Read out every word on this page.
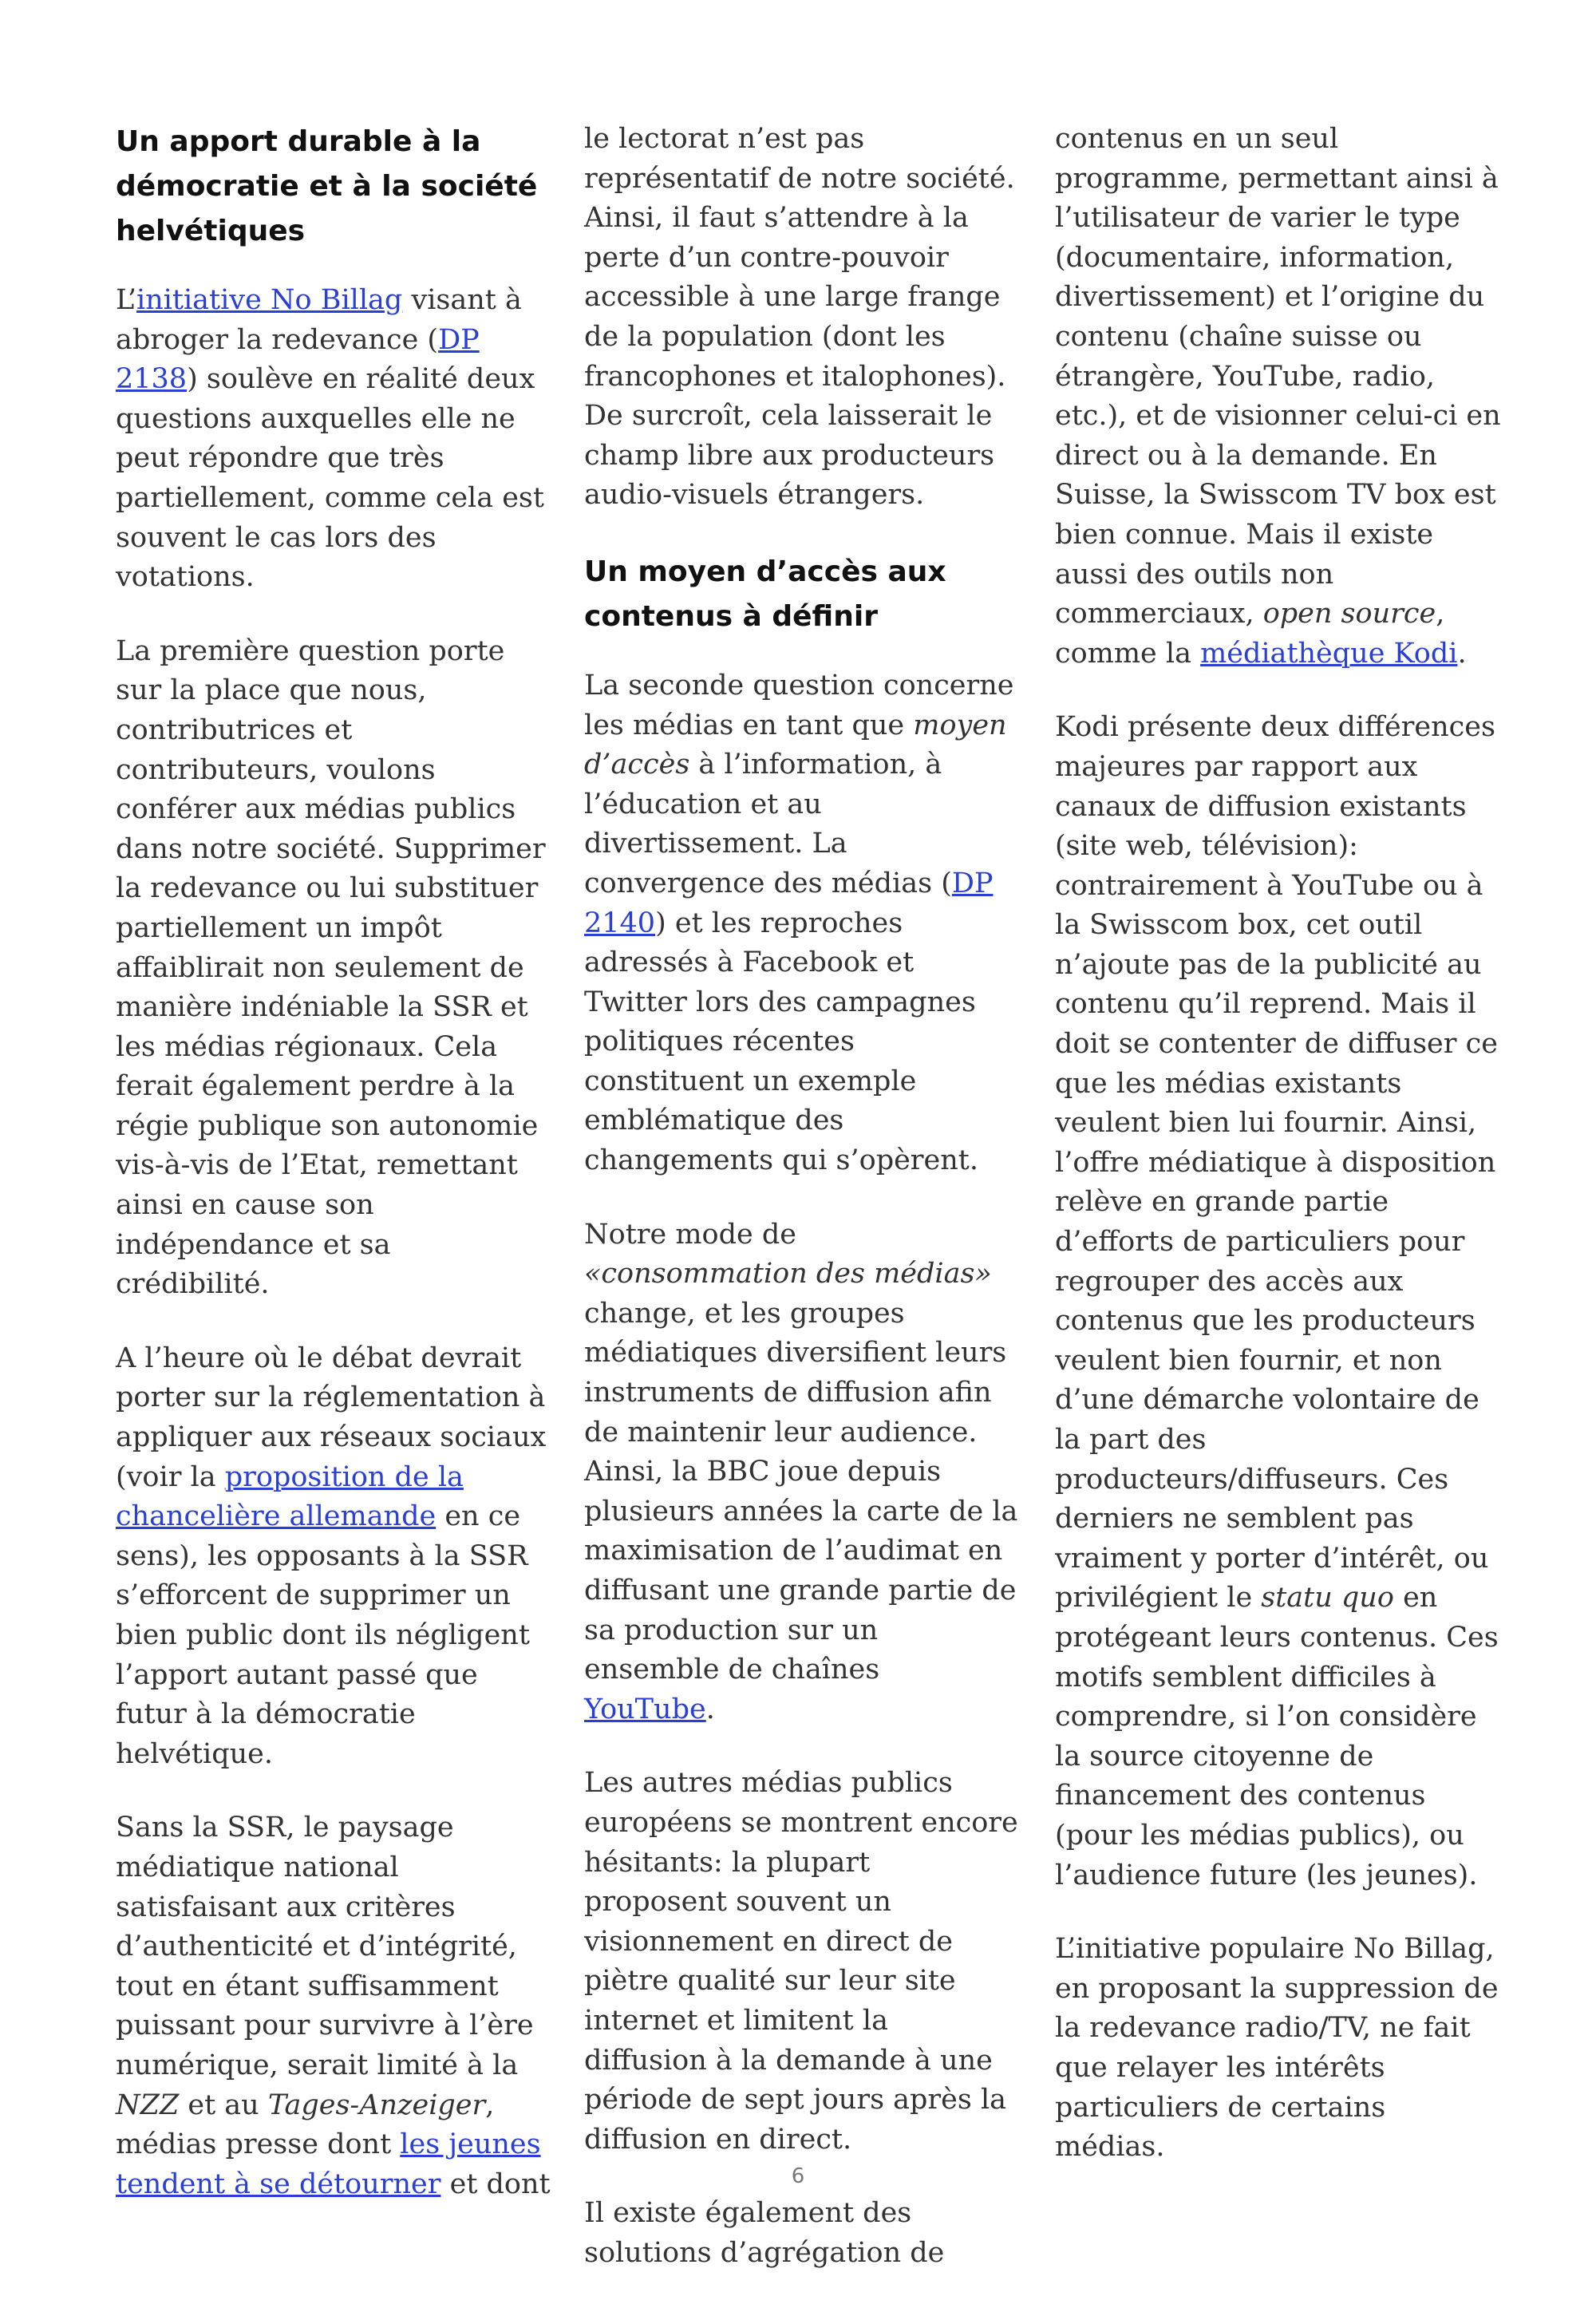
Un apport durable à la démocratie et à la société helvétiques

L’initiative No Billag visant à abroger la redevance (DP 2138) soulève en réalité deux questions auxquelles elle ne peut répondre que très partiellement, comme cela est souvent le cas lors des votations.

La première question porte sur la place que nous, contributrices et contributeurs, voulons conférer aux médias publics dans notre société. Supprimer la redevance ou lui substituer partiellement un impôt affaiblirait non seulement de manière indéniable la SSR et les médias régionaux. Cela ferait également perdre à la régie publique son autonomie vis-à-vis de l’Etat, remettant ainsi en cause son indépendance et sa crédibilité.

A l’heure où le débat devrait porter sur la réglementation à appliquer aux réseaux sociaux (voir la proposition de la chancelière allemande en ce sens), les opposants à la SSR s’efforcent de supprimer un bien public dont ils négligent l’apport autant passé que futur à la démocratie helvétique.

Sans la SSR, le paysage médiatique national satisfaisant aux critères d’authenticité et d’intégrité, tout en étant suffisamment puissant pour survivre à l’ère numérique, serait limité à la NZZ et au Tages-Anzeiger, médias presse dont les jeunes tendent à se détourner et dont

le lectorat n’est pas représentatif de notre société. Ainsi, il faut s’attendre à la perte d’un contre-pouvoir accessible à une large frange de la population (dont les francophones et italophones). De surcroît, cela laisserait le champ libre aux producteurs audio-visuels étrangers.

Un moyen d’accès aux contenus à définir

La seconde question concerne les médias en tant que moyen d’accès à l’information, à l’éducation et au divertissement. La convergence des médias (DP 2140) et les reproches adressés à Facebook et Twitter lors des campagnes politiques récentes constituent un exemple emblématique des changements qui s’opèrent.

Notre mode de «consommation des médias» change, et les groupes médiatiques diversifient leurs instruments de diffusion afin de maintenir leur audience. Ainsi, la BBC joue depuis plusieurs années la carte de la maximisation de l’audimat en diffusant une grande partie de sa production sur un ensemble de chaînes YouTube.

Les autres médias publics européens se montrent encore hésitants: la plupart proposent souvent un visionnement en direct de piètre qualité sur leur site internet et limitent la diffusion à la demande à une période de sept jours après la diffusion en direct.

Il existe également des solutions d’agrégation de

contenus en un seul programme, permettant ainsi à l’utilisateur de varier le type (documentaire, information, divertissement) et l’origine du contenu (chaîne suisse ou étrangère, YouTube, radio, etc.), et de visionner celui-ci en direct ou à la demande. En Suisse, la Swisscom TV box est bien connue. Mais il existe aussi des outils non commerciaux, open source, comme la médiathèque Kodi.

Kodi présente deux différences majeures par rapport aux canaux de diffusion existants (site web, télévision): contrairement à YouTube ou à la Swisscom box, cet outil n’ajoute pas de la publicité au contenu qu’il reprend. Mais il doit se contenter de diffuser ce que les médias existants veulent bien lui fournir. Ainsi, l’offre médiatique à disposition relève en grande partie d’efforts de particuliers pour regrouper des accès aux contenus que les producteurs veulent bien fournir, et non d’une démarche volontaire de la part des producteurs/diffuseurs. Ces derniers ne semblent pas vraiment y porter d’intérêt, ou privilégient le statu quo en protégeant leurs contenus. Ces motifs semblent difficiles à comprendre, si l’on considère la source citoyenne de financement des contenus (pour les médias publics), ou l’audience future (les jeunes).

L’initiative populaire No Billag, en proposant la suppression de la redevance radio/TV, ne fait que relayer les intérêts particuliers de certains médias.

6
